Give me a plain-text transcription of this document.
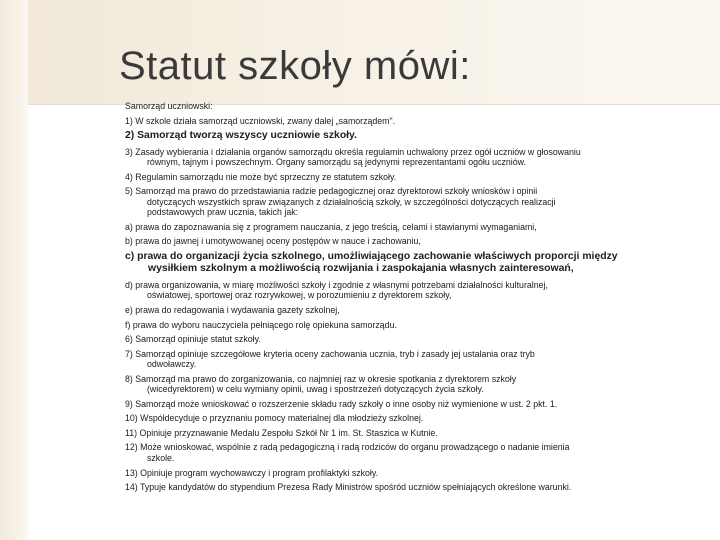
Statut szkoły mówi:

Samorząd uczniowski:

1) W szkole działa samorząd uczniowski, zwany dalej „samorządem".

2) Samorząd tworzą wszyscy uczniowie szkoły.

3) Zasady wybierania i działania organów samorządu określa regulamin uchwalony przez ogół uczniów w głosowaniu
równym, tajnym i powszechnym. Organy samorządu są jedynymi reprezentantami ogółu uczniów.

4) Regulamin samorządu nie może być sprzeczny ze statutem szkoły.

5) Samorząd ma prawo do przedstawiania radzie pedagogicznej oraz dyrektorowi szkoły wniosków i opinii
dotyczących wszystkich spraw związanych z działalnością szkoły, w szczególności dotyczących realizacji
podstawowych praw ucznia, takich jak:

a) prawa do zapoznawania się z programem nauczania, z jego treścią, celami i stawianymi wymaganiami,

b) prawa do jawnej i umotywowanej oceny postępów w nauce i zachowaniu,

c) prawa do organizacji życia szkolnego, umożliwiającego zachowanie właściwych proporcji między
wysiłkiem szkolnym a możliwością rozwijania i zaspokajania własnych zainteresowań,

d) prawa organizowania, w miarę możliwości szkoły i zgodnie z własnymi potrzebami działalności kulturalnej,
oświatowej, sportowej oraz rozrywkowej, w porozumieniu z dyrektorem szkoły,

e) prawa do redagowania i wydawania gazety szkolnej,

f) prawa do wyboru nauczyciela pełniącego rolę opiekuna samorządu.

6) Samorząd opiniuje statut szkoły.

7) Samorząd opiniuje szczegółowe kryteria oceny zachowania ucznia, tryb i zasady jej ustalania oraz tryb
odwoławczy.

8) Samorząd ma prawo do zorganizowania, co najmniej raz w okresie spotkania z dyrektorem szkoły
(wicedyrektorem) w celu wymiany opinii, uwag i spostrzeżeń dotyczących życia szkoły.

9) Samorząd może wnioskować o rozszerzenie składu rady szkoły o inne osoby niż wymienione w ust. 2 pkt. 1.

10) Współdecyduje o przyznaniu pomocy materialnej dla młodzieży szkolnej.

11) Opiniuje przyznawanie Medalu Zespołu Szkół Nr 1 im. St. Staszica w Kutnie.

12) Może wnioskować, wspólnie z radą pedagogiczną i radą rodziców do organu prowadzącego o nadanie imienia
szkole.

13) Opiniuje program wychowawczy i program profilaktyki szkoły.

14) Typuje kandydatów do stypendium Prezesa Rady Ministrów spośród uczniów spełniających określone warunki.
